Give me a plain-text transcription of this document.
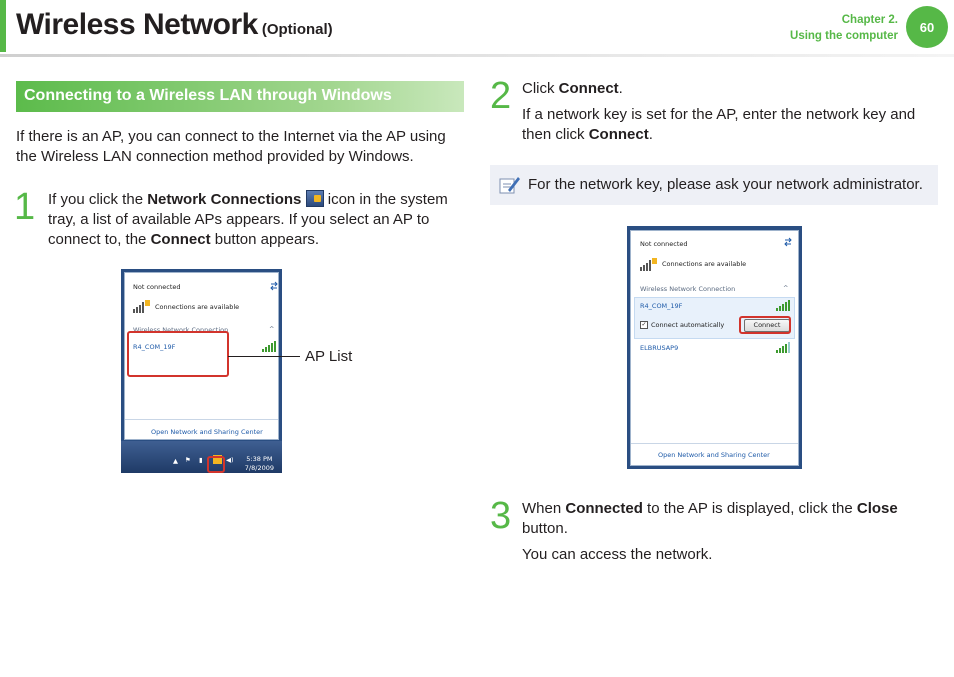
Wireless Network (Optional)
Chapter 2.
Using the computer
60
Connecting to a Wireless LAN through Windows
If there is an AP, you can connect to the Internet via the AP using the Wireless LAN connection method provided by Windows.
1 If you click the Network Connections  icon in the system tray, a list of available APs appears. If you select an AP to connect to, the Connect button appears.
Not connected
Connections are available
Wireless Network Connection	^
R4_COM_19F
Open Network and Sharing Center
▲ ⚑ ▮	◀) 5:38 PM
7/8/2009
AP List
2 Click Connect.
If a network key is set for the AP, enter the network key and then click Connect.
For the network key, please ask your network administrator.
Not connected
Connections are available
Wireless Network Connection	^
R4_COM_19F
✓ Connect automatically	Connect
ELBRUSAP9
Open Network and Sharing Center
3 When Connected to the AP is displayed, click the Close button.
You can access the network.
